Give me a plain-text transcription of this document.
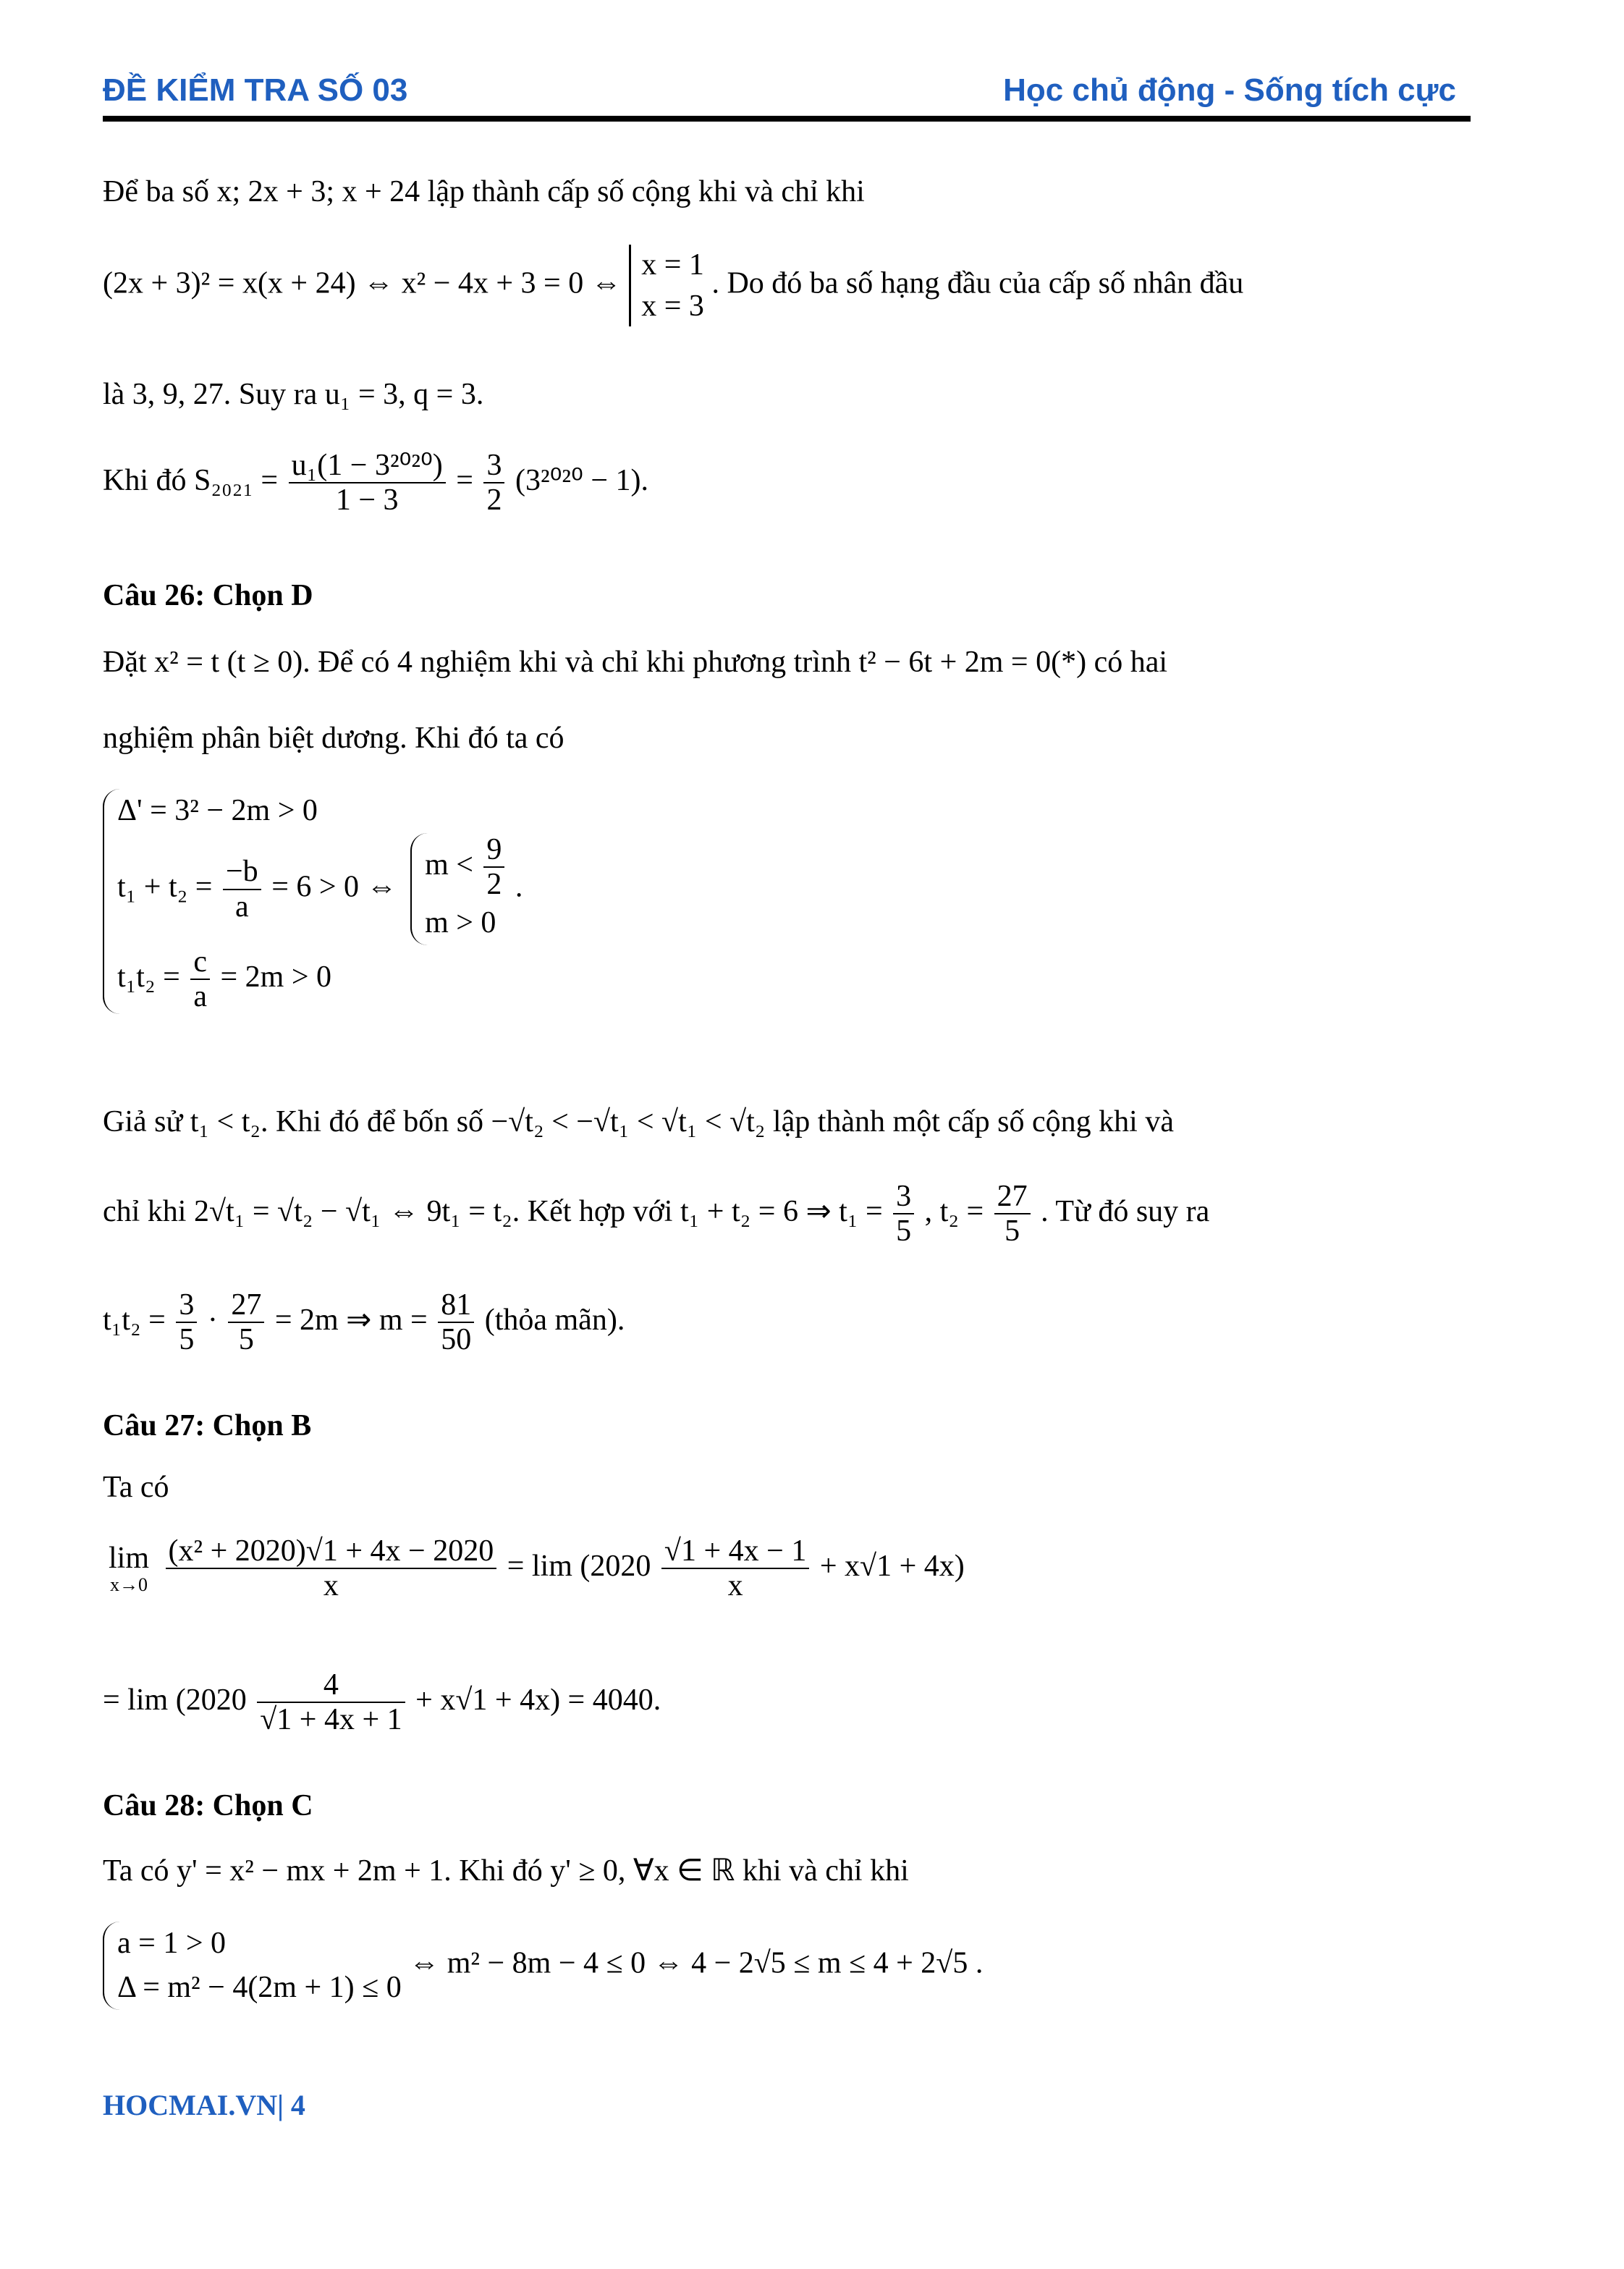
ĐỀ KIỂM TRA SỐ 03	Học chủ động - Sống tích cực
Để ba số x; 2x + 3; x + 24 lập thành cấp số cộng khi và chỉ khi
(2x + 3)² = x(x + 24) ⇔ x² − 4x + 3 = 0 ⇔
x = 1
x = 3
. Do đó ba số hạng đầu của cấp số nhân đầu
là 3, 9, 27. Suy ra u₁ = 3, q = 3.
Khi đó $S_{2021} = \frac{\text{u₁(1 − 3²⁰²⁰)}}{1 - 3} = \frac{3}{2} (3^{2020} - 1)$.
Câu 26: Chọn D
Đặt x² = t (t ≥ 0). Để có 4 nghiệm khi và chỉ khi phương trình t² − 6t + 2m = 0(*) có hai
nghiệm phân biệt dương. Khi đó ta có
Δ' = 3² − 2m > 0
$t_1 + t_2 = \frac{-b}{a} = 6 > 0$ ⇔
$m < \frac{9}{2}$
m > 0
.
$t_1t_2 = \frac{c}{a} = 2m > 0$
Giả sử t₁ < t₂. Khi đó để bốn số −√t₂ < −√t₁ < √t₁ < √t₂ lập thành một cấp số cộng khi và
chỉ khi 2√t₁ = √t₂ − √t₁ ⇔ 9t₁ = t₂. Kết hợp với t₁ + t₂ = 6 ⇒ $t_1 = \frac{3}{5}$ , $t_2 = \frac{27}{5}$ . Từ đó suy ra
$t_1t_2 = \frac{3}{5} \cdot \frac{27}{5} = 2m$ ⇒ $m = \frac{81}{50}$ (thỏa mãn).
Câu 27: Chọn B
Ta có
lim
x→0
$\frac{\text{(x² + 2020)√1 + 4x − 2020}}{x} = \lim (2020 \frac{√1 + 4x - 1}{x} + x√1 + 4x)$
= $\lim (2020 \frac{4}{√1 + 4x + 1} + x√1 + 4x) = 4040$.
Câu 28: Chọn C
Ta có y' = x² − mx + 2m + 1. Khi đó y' ≥ 0, ∀x ∈ ℝ khi và chỉ khi
a = 1 > 0
Δ = m² − 4(2m + 1) ≤ 0
⇔ m² − 8m − 4 ≤ 0 ⇔ 4 − 2√5 ≤ m ≤ 4 + 2√5 .
HOCMAI.VN| 4
